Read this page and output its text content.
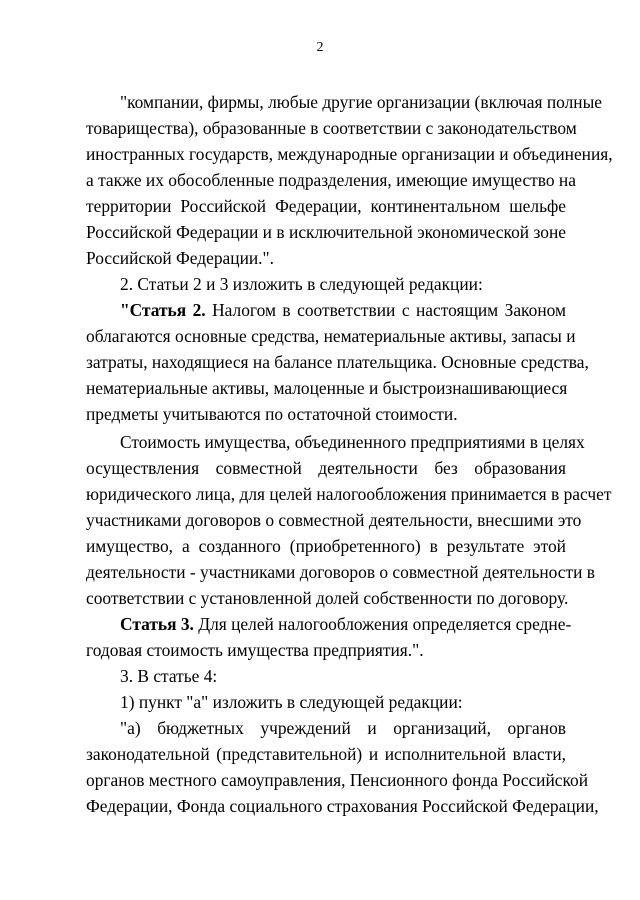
2
"компании, фирмы, любые другие организации (включая полные
товарищества), образованные в соответствии с законодательством
иностранных государств, международные организации и объединения,
а также их обособленные подразделения, имеющие имущество на
территории Российской Федерации, континентальном шельфе
Российской Федерации и в исключительной экономической зоне
Российской Федерации.".
2. Статьи 2 и 3 изложить в следующей редакции:
"Статья 2. Налогом в соответствии с настоящим Законом
облагаются основные средства, нематериальные активы, запасы и
затраты, находящиеся на балансе плательщика. Основные средства,
нематериальные активы, малоценные и быстроизнашивающиеся
предметы учитываются по остаточной стоимости.
Стоимость имущества, объединенного предприятиями в целях
осуществления совместной деятельности без образования
юридического лица, для целей налогообложения принимается в расчет
участниками договоров о совместной деятельности, внесшими это
имущество, а созданного (приобретенного) в результате этой
деятельности - участниками договоров о совместной деятельности в
соответствии с установленной долей собственности по договору.
Статья 3. Для целей налогообложения определяется средне-
годовая стоимость имущества предприятия.".
3. В статье 4:
1) пункт "а" изложить в следующей редакции:
"а) бюджетных учреждений и организаций, органов
законодательной (представительной) и исполнительной власти,
органов местного самоуправления, Пенсионного фонда Российской
Федерации, Фонда социального страхования Российской Федерации,
